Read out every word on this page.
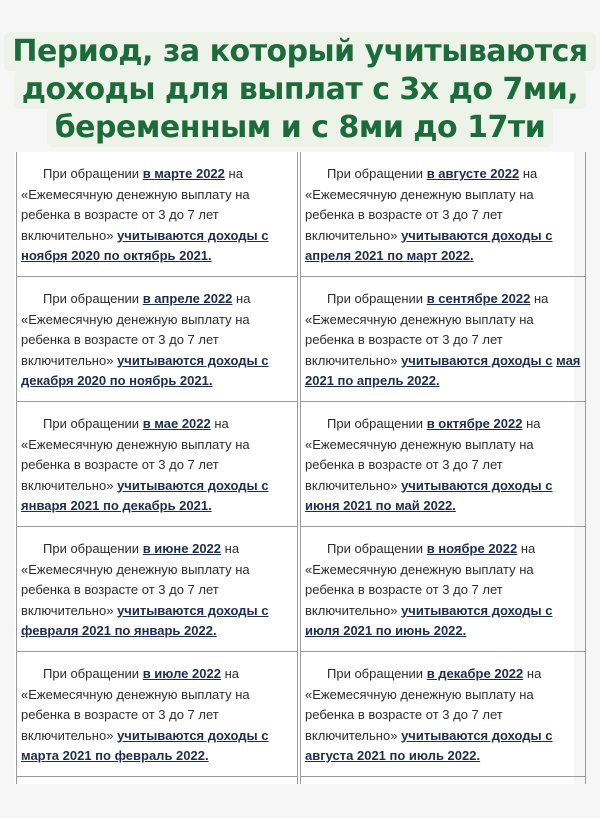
Период, за который учитываются
доходы для выплат с 3х до 7ми,
беременным и с 8ми до 17ти

При обращении в марте 2022 на «Ежемесячную денежную выплату на ребенка в возрасте от 3 до 7 лет включительно» учитываются доходы с ноября 2020 по октябрь 2021.

При обращении в апреле 2022 на «Ежемесячную денежную выплату на ребенка в возрасте от 3 до 7 лет включительно» учитываются доходы с декабря 2020 по ноябрь 2021.

При обращении в мае 2022 на «Ежемесячную денежную выплату на ребенка в возрасте от 3 до 7 лет включительно» учитываются доходы с января 2021 по декабрь 2021.

При обращении в июне 2022 на «Ежемесячную денежную выплату на ребенка в возрасте от 3 до 7 лет включительно» учитываются доходы с февраля 2021 по январь 2022.

При обращении в июле 2022 на «Ежемесячную денежную выплату на ребенка в возрасте от 3 до 7 лет включительно» учитываются доходы с марта 2021 по февраль 2022.

При обращении в августе 2022 на «Ежемесячную денежную выплату на ребенка в возрасте от 3 до 7 лет включительно» учитываются доходы с апреля 2021 по март 2022.

При обращении в сентябре 2022 на «Ежемесячную денежную выплату на ребенка в возрасте от 3 до 7 лет включительно» учитываются доходы с мая 2021 по апрель 2022.

При обращении в октябре 2022 на «Ежемесячную денежную выплату на ребенка в возрасте от 3 до 7 лет включительно» учитываются доходы с июня 2021 по май 2022.

При обращении в ноябре 2022 на «Ежемесячную денежную выплату на ребенка в возрасте от 3 до 7 лет включительно» учитываются доходы с июля 2021 по июнь 2022.

При обращении в декабре 2022 на «Ежемесячную денежную выплату на ребенка в возрасте от 3 до 7 лет включительно» учитываются доходы с августа 2021 по июль 2022.
